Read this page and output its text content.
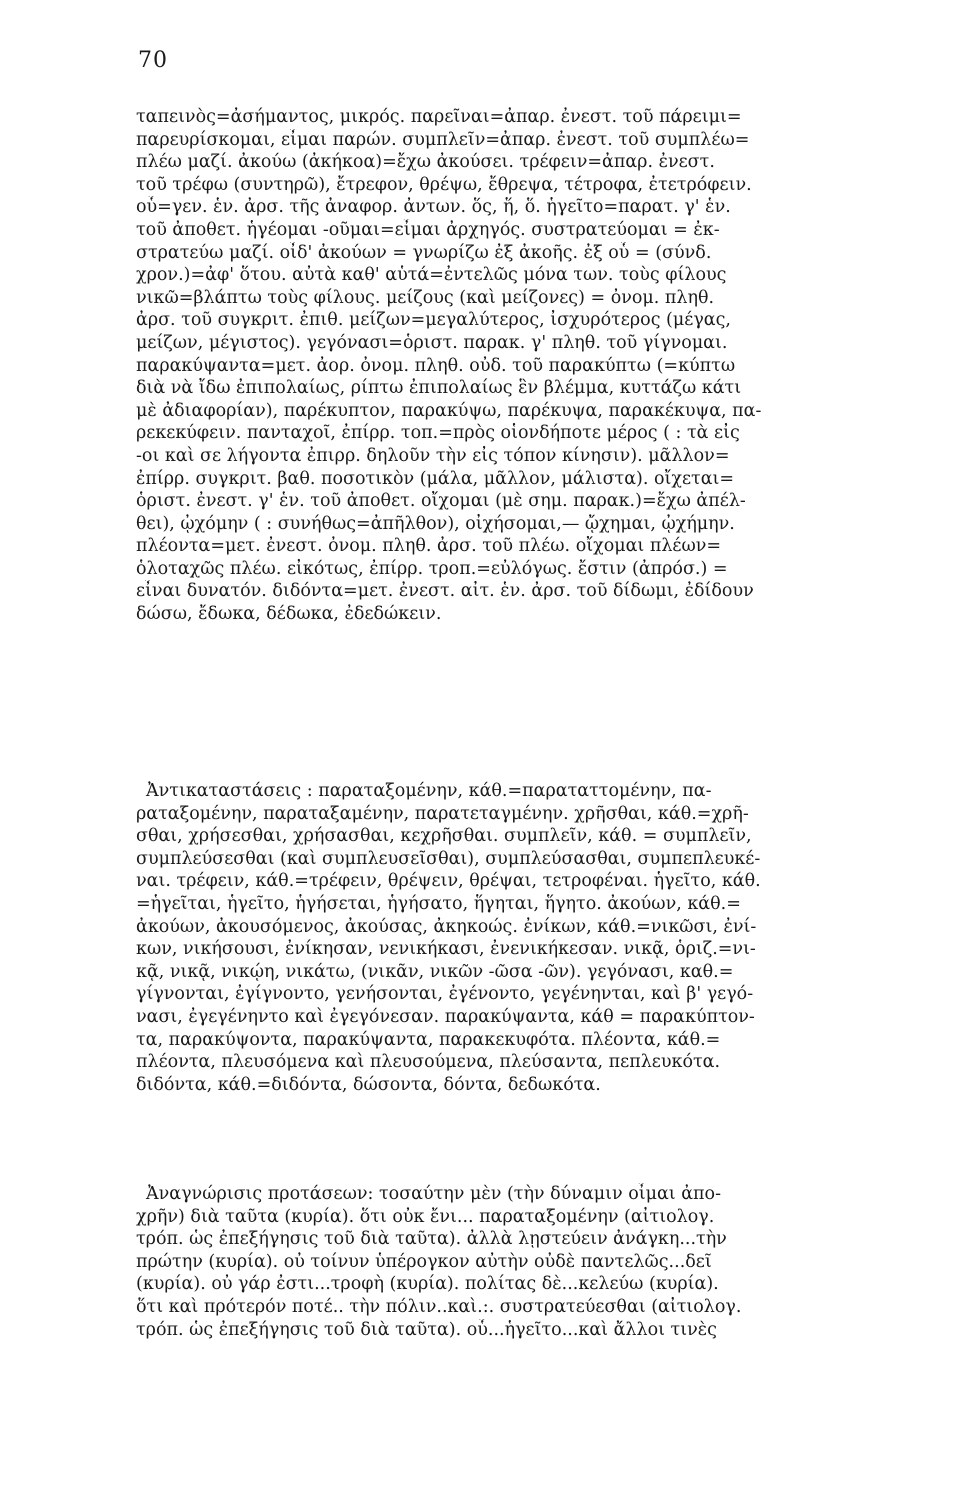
70
ταπεινὸς=ἀσήμαντος, μικρός. παρεῖναι=ἀπαρ. ἐνεστ. τοῦ πάρειμι=
παρευρίσκομαι, εἶμαι παρών. συμπλεῖν=ἀπαρ. ἐνεστ. τοῦ συμπλέω=
πλέω μαζί. ἀκούω (ἀκήκοα)=ἔχω ἀκούσει. τρέφειν=ἀπαρ. ἐνεστ.
τοῦ τρέφω (συντηρῶ), ἔτρεφον, θρέψω, ἔθρεψα, τέτροφα, ἐτετρόφειν.
οὗ=γεν. ἑν. ἀρσ. τῆς ἀναφορ. ἀντων. ὅς, ἥ, ὅ. ἡγεῖτο=παρατ. γ' ἑν.
τοῦ ἀποθετ. ἡγέομαι -οῦμαι=εἶμαι ἀρχηγός. συστρατεύομαι = ἐκ-
στρατεύω μαζί. οἶδ' ἀκούων = γνωρίζω ἐξ ἀκοῆς. ἐξ οὗ = (σύνδ.
χρον.)=ἀφ' ὅτου. αὐτὰ καθ' αὑτά=ἐντελῶς μόνα των. τοὺς φίλους
νικῶ=βλάπτω τοὺς φίλους. μείζους (καὶ μείζονες) = ὀνομ. πληθ.
ἀρσ. τοῦ συγκριτ. ἐπιθ. μείζων=μεγαλύτερος, ἰσχυρότερος (μέγας,
μείζων, μέγιστος). γεγόνασι=ὁριστ. παρακ. γ' πληθ. τοῦ γίγνομαι.
παρακύψαντα=μετ. ἀορ. ὀνομ. πληθ. οὐδ. τοῦ παρακύπτω (=κύπτω
διὰ νὰ ἴδω ἐπιπολαίως, ρίπτω ἐπιπολαίως ἓν βλέμμα, κυττάζω κάτι
μὲ ἀδιαφορίαν), παρέκυπτον, παρακύψω, παρέκυψα, παρακέκυψα, πα-
ρεκεκύφειν. πανταχοῖ, ἐπίρρ. τοπ.=πρὸς οἱονδήποτε μέρος ( : τὰ εἰς
-οι καὶ σε λήγοντα ἐπιρρ. δηλοῦν τὴν εἰς τόπον κίνησιν). μᾶλλον=
ἐπίρρ. συγκριτ. βαθ. ποσοτικὸν (μάλα, μᾶλλον, μάλιστα). οἴχεται=
ὁριστ. ἐνεστ. γ' ἑν. τοῦ ἀποθετ. οἴχομαι (μὲ σημ. παρακ.)=ἔχω ἀπέλ-
θει), ᾠχόμην ( : συνήθως=ἀπῆλθον), οἰχήσομαι,— ᾤχημαι, ᾠχήμην.
πλέοντα=μετ. ἐνεστ. ὀνομ. πληθ. ἀρσ. τοῦ πλέω. οἴχομαι πλέων=
ὁλοταχῶς πλέω. εἰκότως, ἐπίρρ. τροπ.=εὐλόγως. ἔστιν (ἀπρόσ.) =
εἶναι δυνατόν. διδόντα=μετ. ἐνεστ. αἰτ. ἑν. ἀρσ. τοῦ δίδωμι, ἐδίδουν
δώσω, ἔδωκα, δέδωκα, ἐδεδώκειν.
Ἀντικαταστάσεις : παραταξομένην, κάθ.=παραταττομένην, πα-
ραταξομένην, παραταξαμένην, παρατεταγμένην. χρῆσθαι, κάθ.=χρῆ-
σθαι, χρήσεσθαι, χρήσασθαι, κεχρῆσθαι. συμπλεῖν, κάθ. = συμπλεῖν,
συμπλεύσεσθαι (καὶ συμπλευσεῖσθαι), συμπλεύσασθαι, συμπεπλευκέ-
ναι. τρέφειν, κάθ.=τρέφειν, θρέψειν, θρέψαι, τετροφέναι. ἡγεῖτο, κάθ.
=ἡγεῖται, ἡγεῖτο, ἡγήσεται, ἡγήσατο, ἥγηται, ἥγητο. ἀκούων, κάθ.=
ἀκούων, ἀκουσόμενος, ἀκούσας, ἀκηκοώς. ἐνίκων, κάθ.=νικῶσι, ἐνί-
κων, νικήσουσι, ἐνίκησαν, νενικήκασι, ἐνενικήκεσαν. νικᾷ, ὁριζ.=νι-
κᾷ, νικᾷ, νικῴη, νικάτω, (νικᾶν, νικῶν -ῶσα -ῶν). γεγόνασι, καθ.=
γίγνονται, ἐγίγνοντο, γενήσονται, ἐγένοντο, γεγένηνται, καὶ β' γεγό-
νασι, ἐγεγένηντο καὶ ἐγεγόνεσαν. παρακύψαντα, κάθ = παρακύπτον-
τα, παρακύψοντα, παρακύψαντα, παρακεκυφότα. πλέοντα, κάθ.=
πλέοντα, πλευσόμενα καὶ πλευσούμενα, πλεύσαντα, πεπλευκότα.
διδόντα, κάθ.=διδόντα, δώσοντα, δόντα, δεδωκότα.
Ἀναγνώρισις προτάσεων: τοσαύτην μὲν (τὴν δύναμιν οἶμαι ἀπο-
χρῆν) διὰ ταῦτα (κυρία). ὅτι οὐκ ἔνι... παραταξομένην (αἰτιολογ.
τρόπ. ὡς ἐπεξήγησις τοῦ διὰ ταῦτα). ἀλλὰ λῃστεύειν ἀνάγκη...τὴν
πρώτην (κυρία). οὐ τοίνυν ὑπέρογκον αὐτὴν οὐδὲ παντελῶς...δεῖ
(κυρία). οὐ γάρ ἐστι...τροφὴ (κυρία). πολίτας δὲ...κελεύω (κυρία).
ὅτι καὶ πρότερόν ποτέ.. τὴν πόλιν..καὶ.:. συστρατεύεσθαι (αἰτιολογ.
τρόπ. ὡς ἐπεξήγησις τοῦ διὰ ταῦτα). οὗ...ἡγεῖτο...καὶ ἄλλοι τινὲς
